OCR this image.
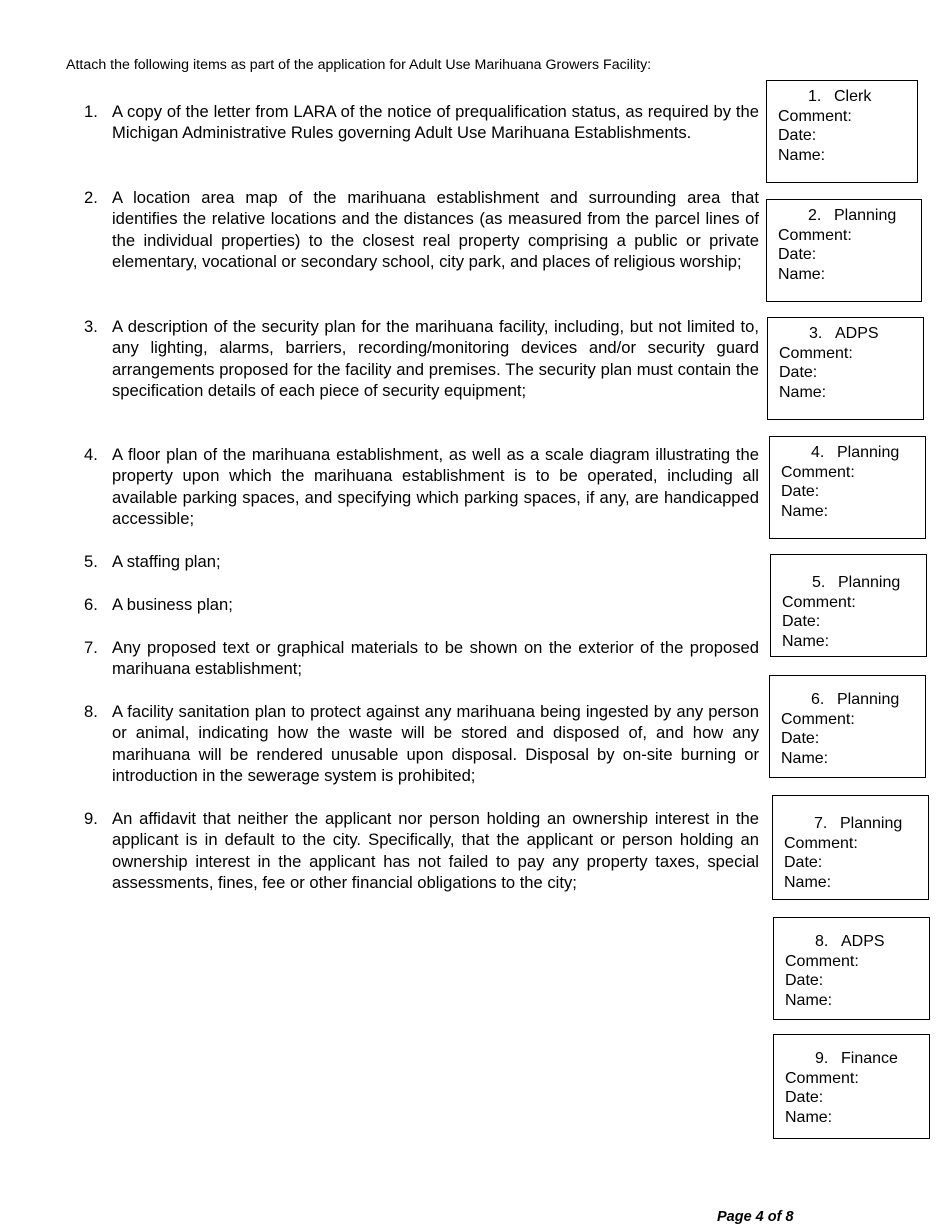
Attach the following items as part of the application for Adult Use Marihuana Growers Facility:
1. A copy of the letter from LARA of the notice of prequalification status, as required by the Michigan Administrative Rules governing Adult Use Marihuana Establishments.
2. A location area map of the marihuana establishment and surrounding area that identifies the relative locations and the distances (as measured from the parcel lines of the individual properties) to the closest real property comprising a public or private elementary, vocational or secondary school, city park, and places of religious worship;
3. A description of the security plan for the marihuana facility, including, but not limited to, any lighting, alarms, barriers, recording/monitoring devices and/or security guard arrangements proposed for the facility and premises. The security plan must contain the specification details of each piece of security equipment;
4. A floor plan of the marihuana establishment, as well as a scale diagram illustrating the property upon which the marihuana establishment is to be operated, including all available parking spaces, and specifying which parking spaces, if any, are handicapped accessible;
5. A staffing plan;
6. A business plan;
7. Any proposed text or graphical materials to be shown on the exterior of the proposed marihuana establishment;
8. A facility sanitation plan to protect against any marihuana being ingested by any person or animal, indicating how the waste will be stored and disposed of, and how any marihuana will be rendered unusable upon disposal. Disposal by on-site burning or introduction in the sewerage system is prohibited;
9. An affidavit that neither the applicant nor person holding an ownership interest in the applicant is in default to the city. Specifically, that the applicant or person holding an ownership interest in the applicant has not failed to pay any property taxes, special assessments, fines, fee or other financial obligations to the city;
1. Clerk
Comment:
Date:
Name:
2. Planning
Comment:
Date:
Name:
3. ADPS
Comment:
Date:
Name:
4. Planning
Comment:
Date:
Name:
5. Planning
Comment:
Date:
Name:
6. Planning
Comment:
Date:
Name:
7. Planning
Comment:
Date:
Name:
8. ADPS
Comment:
Date:
Name:
9. Finance
Comment:
Date:
Name:
Page 4 of 8
